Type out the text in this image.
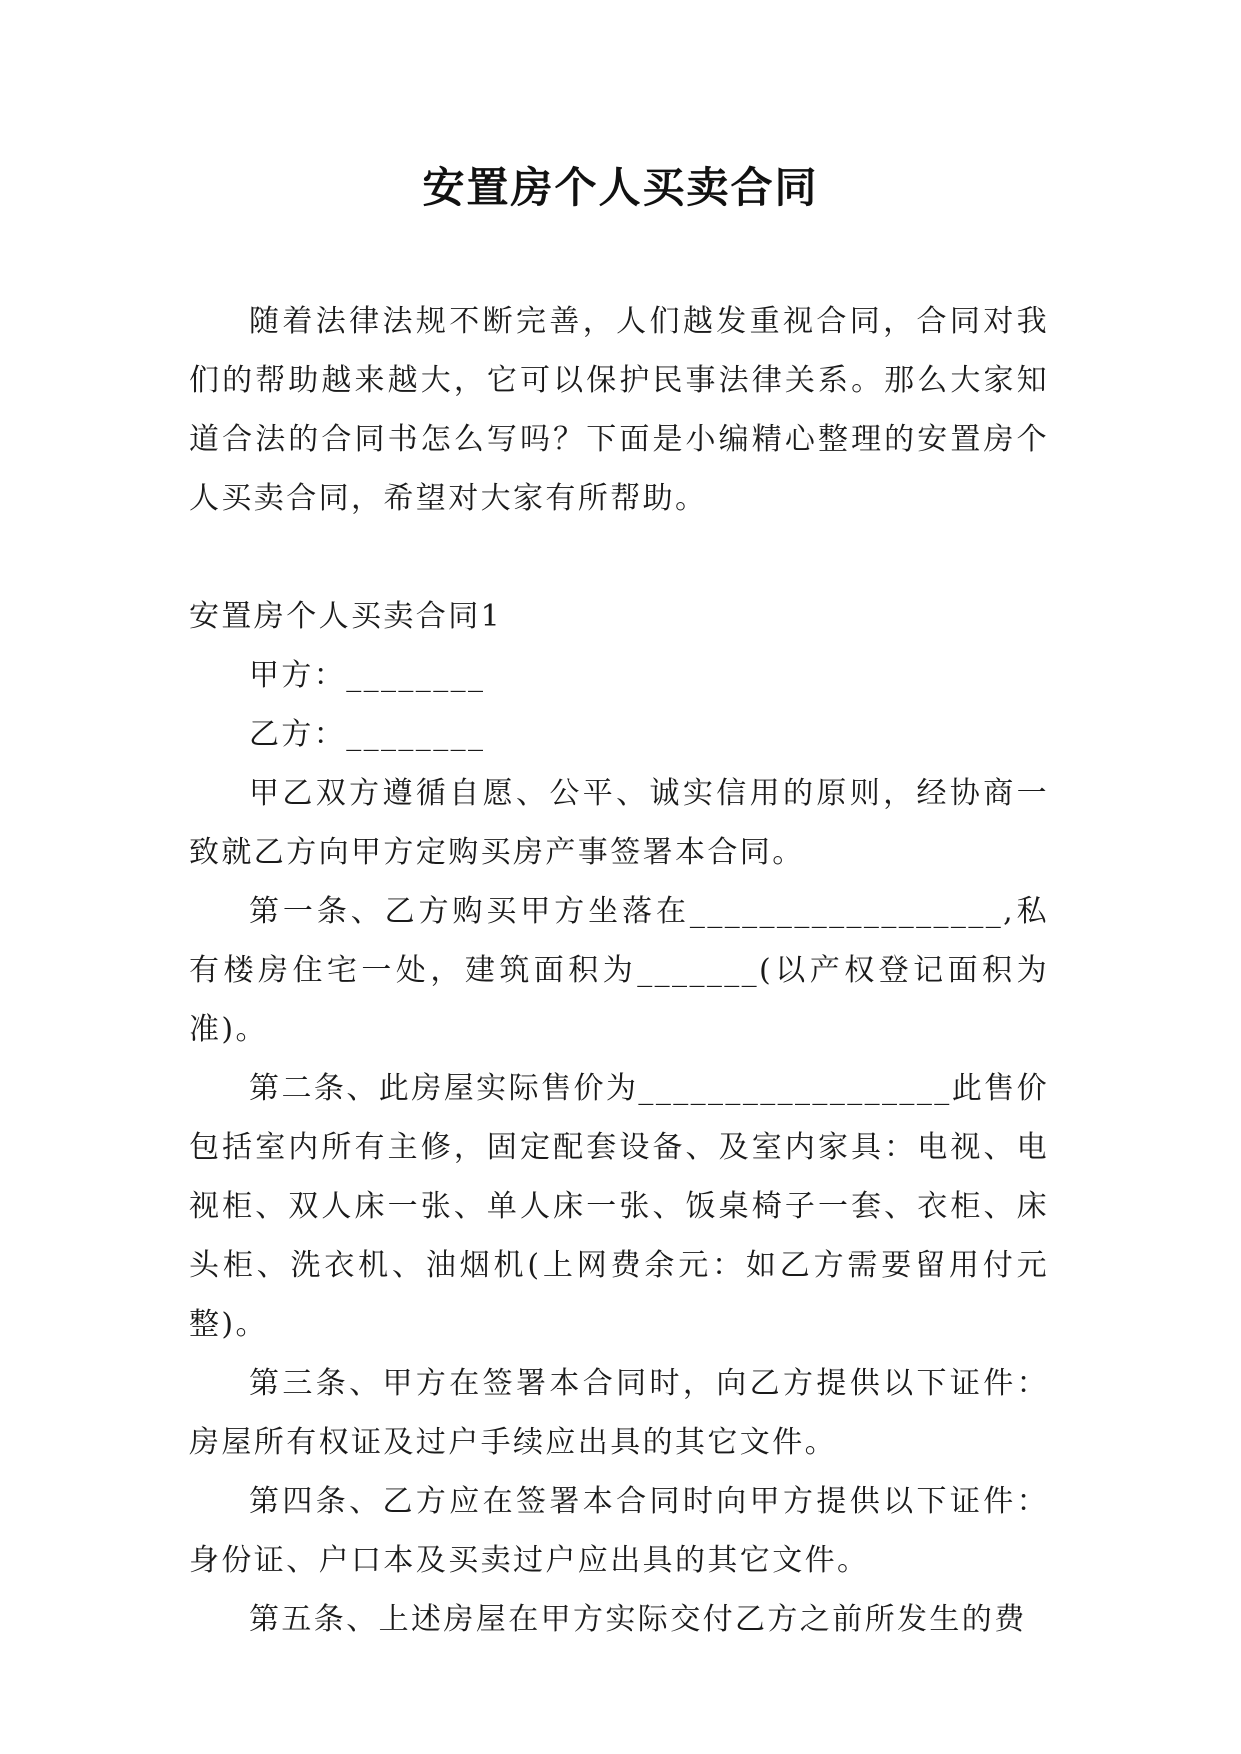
安置房个人买卖合同

随着法律法规不断完善，人们越发重视合同，合同对我们的帮助越来越大，它可以保护民事法律关系。那么大家知道合法的合同书怎么写吗？下面是小编精心整理的安置房个人买卖合同，希望对大家有所帮助。

安置房个人买卖合同1

甲方：________

乙方：________

甲乙双方遵循自愿、公平、诚实信用的原则，经协商一致就乙方向甲方定购买房产事签署本合同。

第一条、乙方购买甲方坐落在__________________,私有楼房住宅一处，建筑面积为_______(以产权登记面积为准)。

第二条、此房屋实际售价为__________________此售价包括室内所有主修，固定配套设备、及室内家具：电视、电视柜、双人床一张、单人床一张、饭桌椅子一套、衣柜、床头柜、洗衣机、油烟机(上网费余元：如乙方需要留用付元整)。

第三条、甲方在签署本合同时，向乙方提供以下证件：房屋所有权证及过户手续应出具的其它文件。

第四条、乙方应在签署本合同时向甲方提供以下证件：身份证、户口本及买卖过户应出具的其它文件。

第五条、上述房屋在甲方实际交付乙方之前所发生的费
